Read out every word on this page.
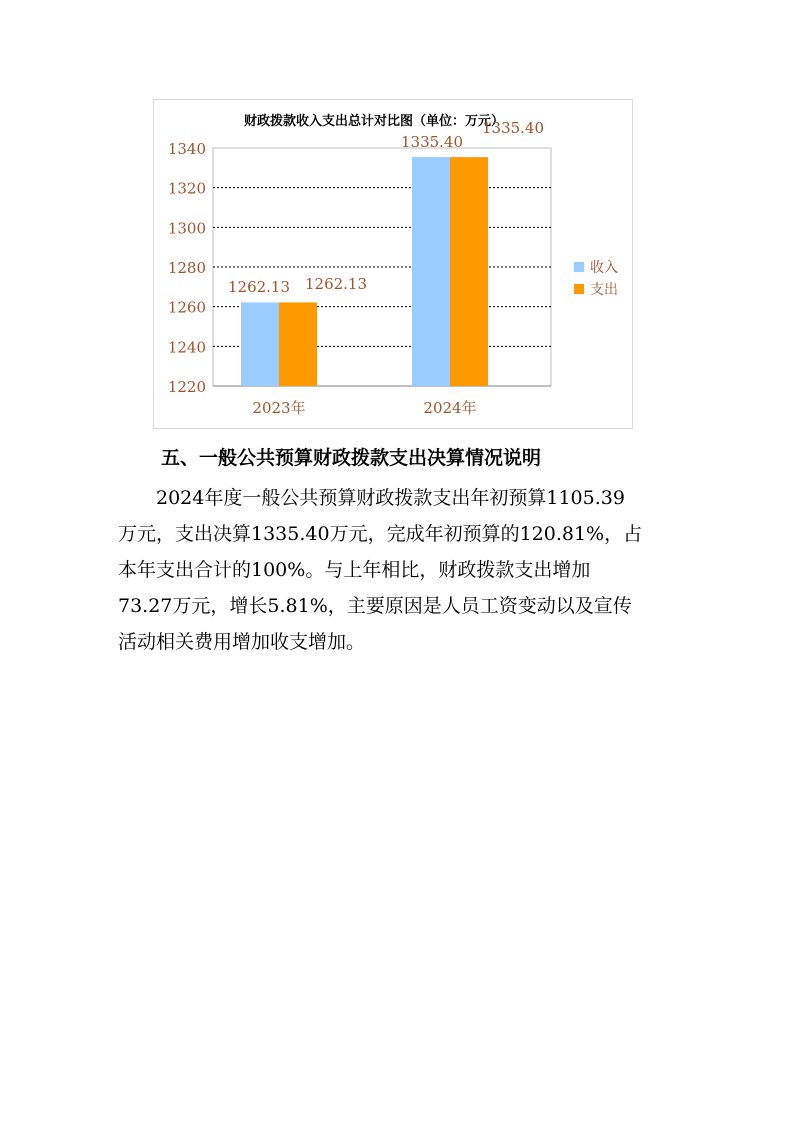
1220
1240
1260
1280
1300
1320
1340
财政拨款收入支出总计对比图（单位：万元）
1262.13 1262.13
2023年
1335.40
1335.40
2024年
收入
支出
五、一般公共预算财政拨款支出决算情况说明

2024年度一般公共预算财政拨款支出年初预算1105.39
万元，支出决算1335.40万元，完成年初预算的120.81%，占
本年支出合计的100%。与上年相比，财政拨款支出增加
73.27万元，增长5.81%，主要原因是人员工资变动以及宣传
活动相关费用增加收支增加。
